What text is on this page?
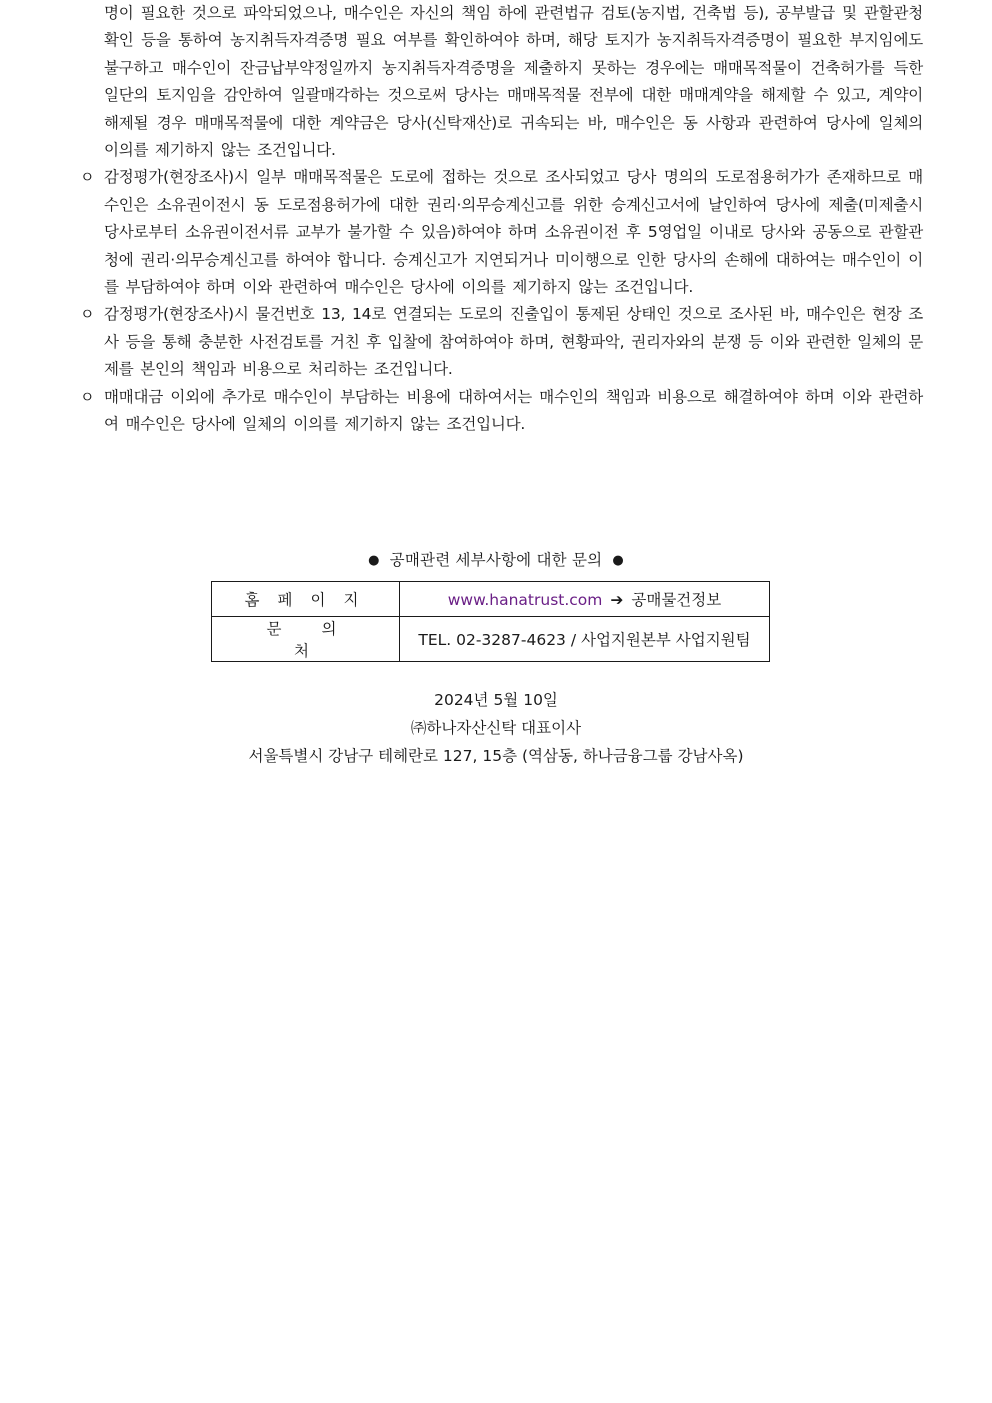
명이 필요한 것으로 파악되었으나, 매수인은 자신의 책임 하에 관련법규 검토(농지법, 건축법 등), 공부발급 및 관할관청 확인 등을 통하여 농지취득자격증명 필요 여부를 확인하여야 하며, 해당 토지가 농지취득자격증명이 필요한 부지임에도 불구하고 매수인이 잔금납부약정일까지 농지취득자격증명을 제출하지 못하는 경우에는 매매목적물이 건축허가를 득한 일단의 토지임을 감안하여 일괄매각하는 것으로써 당사는 매매목적물 전부에 대한 매매계약을 해제할 수 있고, 계약이 해제될 경우 매매목적물에 대한 계약금은 당사(신탁재산)로 귀속되는 바, 매수인은 동 사항과 관련하여 당사에 일체의 이의를 제기하지 않는 조건입니다.

ㅇ 감정평가(현장조사)시 일부 매매목적물은 도로에 접하는 것으로 조사되었고 당사 명의의 도로점용허가가 존재하므로 매수인은 소유권이전시 동 도로점용허가에 대한 권리·의무승계신고를 위한 승계신고서에 날인하여 당사에 제출(미제출시 당사로부터 소유권이전서류 교부가 불가할 수 있음)하여야 하며 소유권이전 후 5영업일 이내로 당사와 공동으로 관할관청에 권리·의무승계신고를 하여야 합니다. 승계신고가 지연되거나 미이행으로 인한 당사의 손해에 대하여는 매수인이 이를 부담하여야 하며 이와 관련하여 매수인은 당사에 이의를 제기하지 않는 조건입니다.

ㅇ 감정평가(현장조사)시 물건번호 13, 14로 연결되는 도로의 진출입이 통제된 상태인 것으로 조사된 바, 매수인은 현장 조사 등을 통해 충분한 사전검토를 거친 후 입찰에 참여하여야 하며, 현황파악, 권리자와의 분쟁 등 이와 관련한 일체의 문제를 본인의 책임과 비용으로 처리하는 조건입니다.

ㅇ 매매대금 이외에 추가로 매수인이 부담하는 비용에 대하여서는 매수인의 책임과 비용으로 해결하여야 하며 이와 관련하여 매수인은 당사에 일체의 이의를 제기하지 않는 조건입니다.

● 공매관련 세부사항에 대한 문의 ●
홈페이지	www.hanatrust.com ➔ 공매물건정보
문의처	TEL. 02-3287-4623 / 사업지원본부 사업지원팀
2024년 5월 10일
㈜하나자산신탁 대표이사
서울특별시 강남구 테헤란로 127, 15층 (역삼동, 하나금융그룹 강남사옥)
